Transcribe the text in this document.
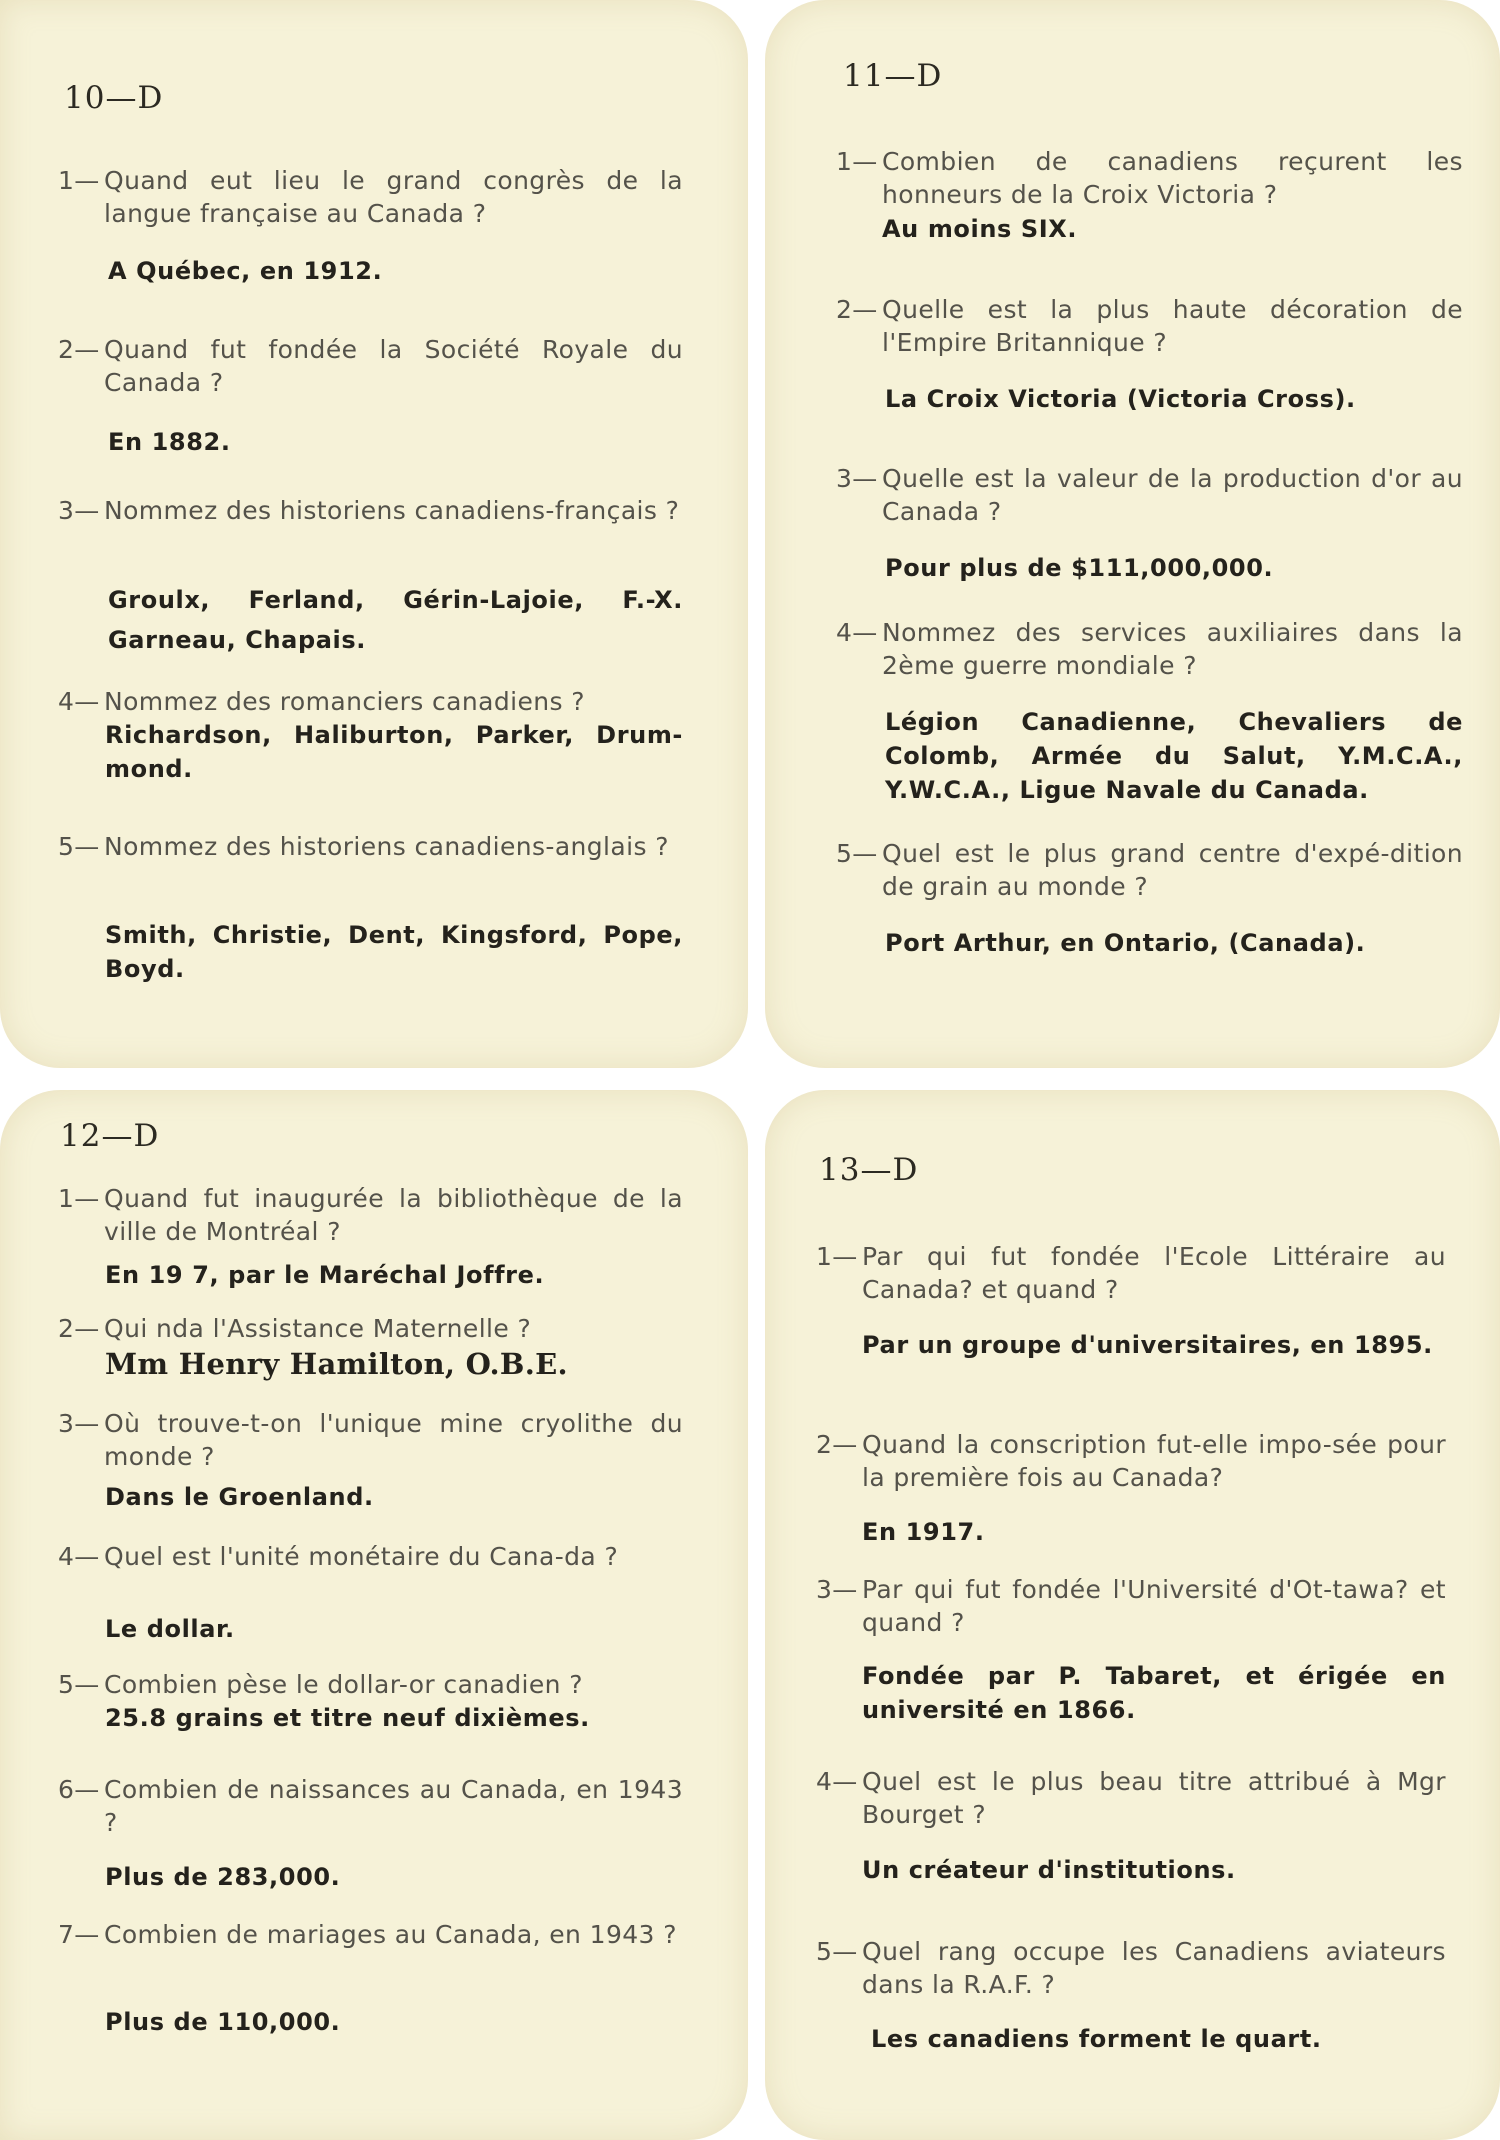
10—D
1— Quand eut lieu le grand congrès de la langue française au Canada ?
A Québec, en 1912.
2— Quand fut fondée la Société Royale du Canada ?
En 1882.
3— Nommez des historiens canadiens-français ?
Groulx, Ferland, Gérin-Lajoie, F.-X. Garneau, Chapais.
4— Nommez des romanciers canadiens ?
Richardson, Haliburton, Parker, Drum-mond.
5— Nommez des historiens canadiens-anglais ?
Smith, Christie, Dent, Kingsford, Pope, Boyd.
11—D
1— Combien de canadiens reçurent les honneurs de la Croix Victoria ?
Au moins SIX.
2— Quelle est la plus haute décoration de l'Empire Britannique ?
La Croix Victoria (Victoria Cross).
3— Quelle est la valeur de la production d'or au Canada ?
Pour plus de $111,000,000.
4— Nommez des services auxiliaires dans la 2ème guerre mondiale ?
Légion Canadienne, Chevaliers de Colomb, Armée du Salut, Y.M.C.A., Y.W.C.A., Ligue Navale du Canada.
5— Quel est le plus grand centre d'expé-dition de grain au monde ?
Port Arthur, en Ontario, (Canada).
12—D
1— Quand fut inaugurée la bibliothèque de la ville de Montréal ?
En 19 7, par le Maréchal Joffre.
2— Qui nda l'Assistance Maternelle ?
Mm Henry Hamilton, O.B.E.
3— Où trouve-t-on l'unique mine cryolithe du monde ?
Dans le Groenland.
4— Quel est l'unité monétaire du Cana-da ?
Le dollar.
5— Combien pèse le dollar-or canadien ?
25.8 grains et titre neuf dixièmes.
6— Combien de naissances au Canada, en 1943 ?
Plus de 283,000.
7— Combien de mariages au Canada, en 1943 ?
Plus de 110,000.
13—D
1— Par qui fut fondée l'Ecole Littéraire au Canada? et quand ?
Par un groupe d'universitaires, en 1895.
2— Quand la conscription fut-elle impo-sée pour la première fois au Canada?
En 1917.
3— Par qui fut fondée l'Université d'Ot-tawa? et quand ?
Fondée par P. Tabaret, et érigée en université en 1866.
4— Quel est le plus beau titre attribué à Mgr Bourget ?
Un créateur d'institutions.
5— Quel rang occupe les Canadiens aviateurs dans la R.A.F. ?
Les canadiens forment le quart.
